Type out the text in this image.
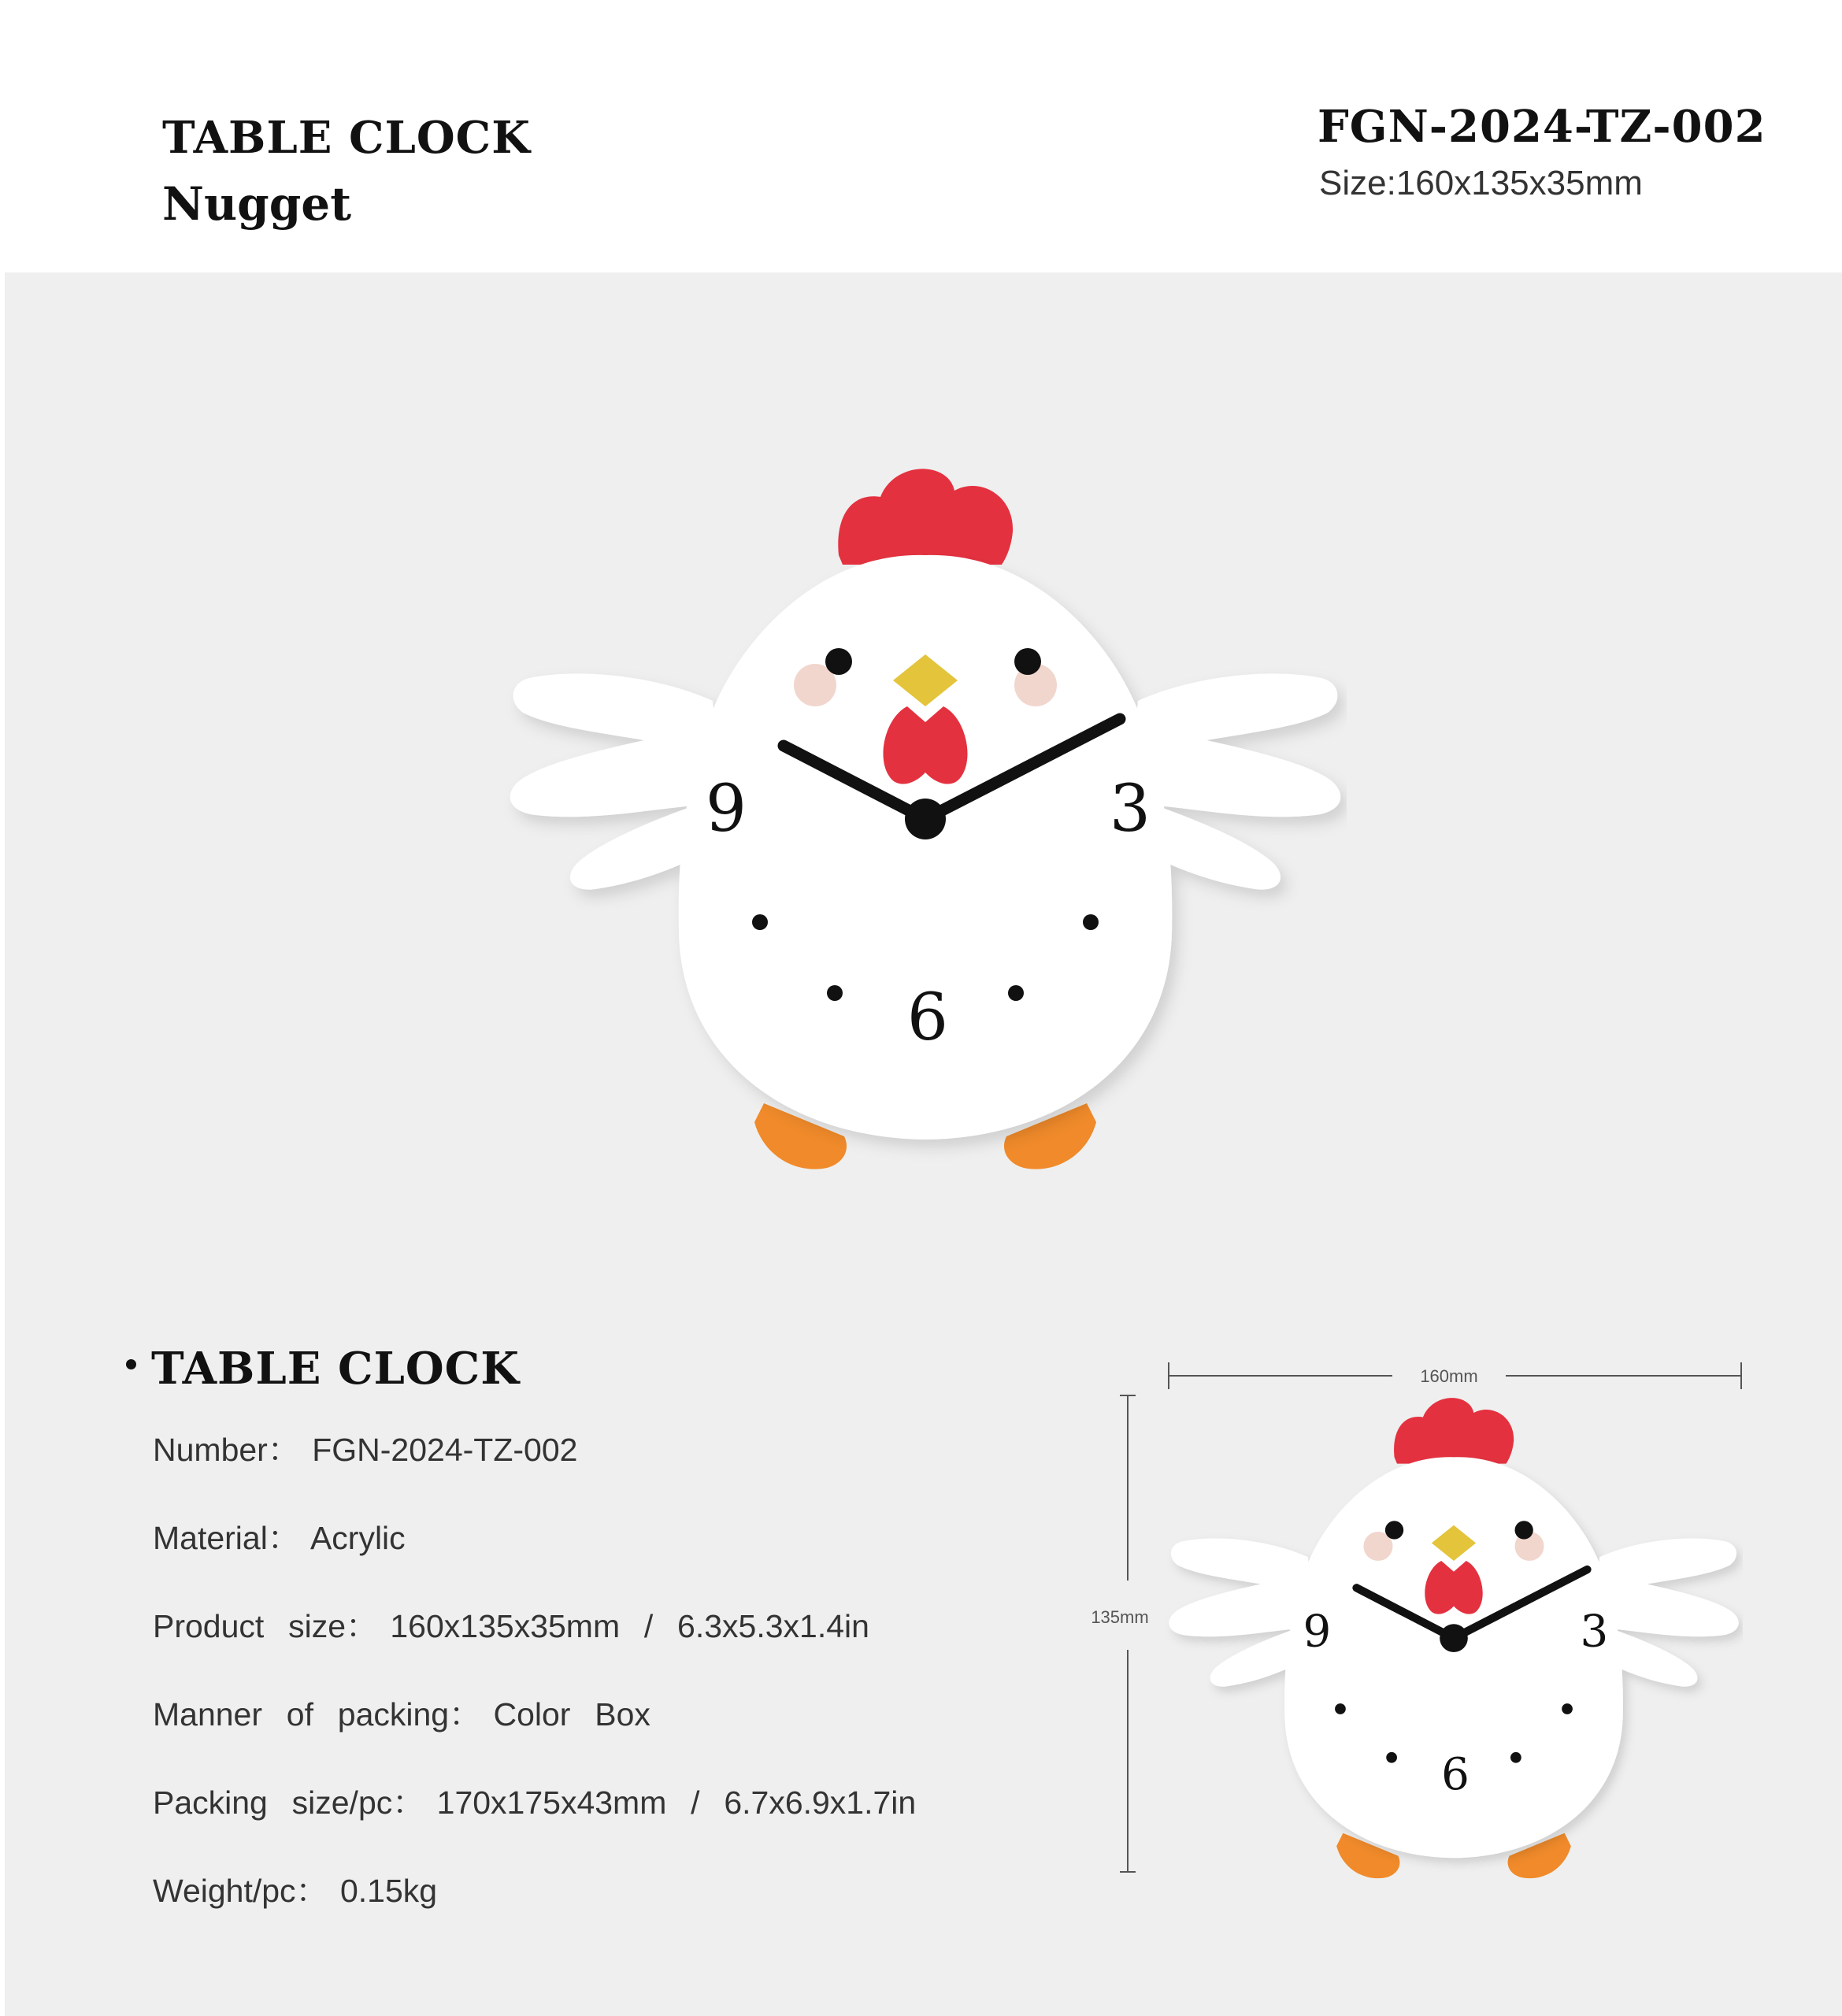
TABLE CLOCK
Nugget
FGN-2024-TZ-002
Size:160x135x35mm
9	3
6
TABLE CLOCK
Number： FGN-2024-TZ-002
Material： Acrylic
Product  size： 160x135x35mm  /  6.3x5.3x1.4in
Manner  of  packing： Color  Box
Packing  size/pc： 170x175x43mm  /  6.7x6.9x1.7in
Weight/pc： 0.15kg
160mm
135mm 9	3
6
